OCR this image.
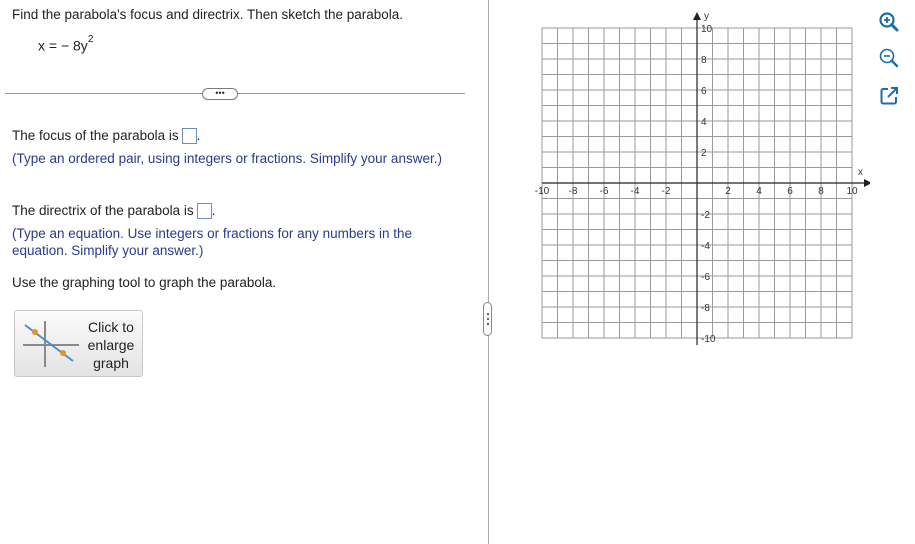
Find the parabola's focus and directrix. Then sketch the parabola.
x = − $8y^2$
•••
The focus of the parabola is .
(Type an ordered pair, using integers or fractions. Simplify your answer.)
The directrix of the parabola is .
(Type an equation. Use integers or fractions for any numbers in the equation. Simplify your answer.)
Use the graphing tool to graph the parabola.
Click to
enlarge
graph
x
y
-10 -8 -6 -4 -2	2	4	6	8 10
10
8
6
4
2
-2
-4
-6
-8
-10
